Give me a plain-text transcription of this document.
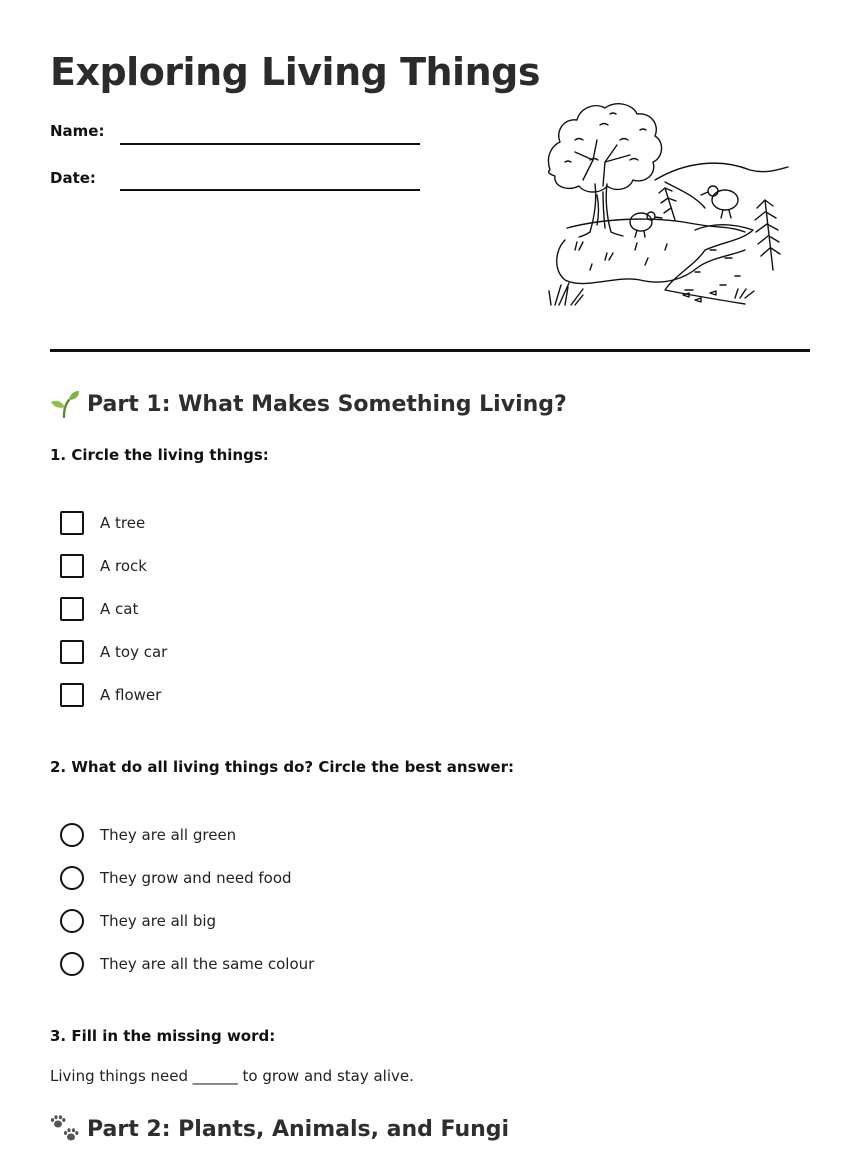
Exploring Living Things
Name:
Date:
Part 1: What Makes Something Living?

1. Circle the living things:

A tree
A rock
A cat
A toy car
A flower

2. What do all living things do? Circle the best answer:

They are all green
They grow and need food
They are all big
They are all the same colour

3. Fill in the missing word:

Living things need ______ to grow and stay alive.

Part 2: Plants, Animals, and Fungi
